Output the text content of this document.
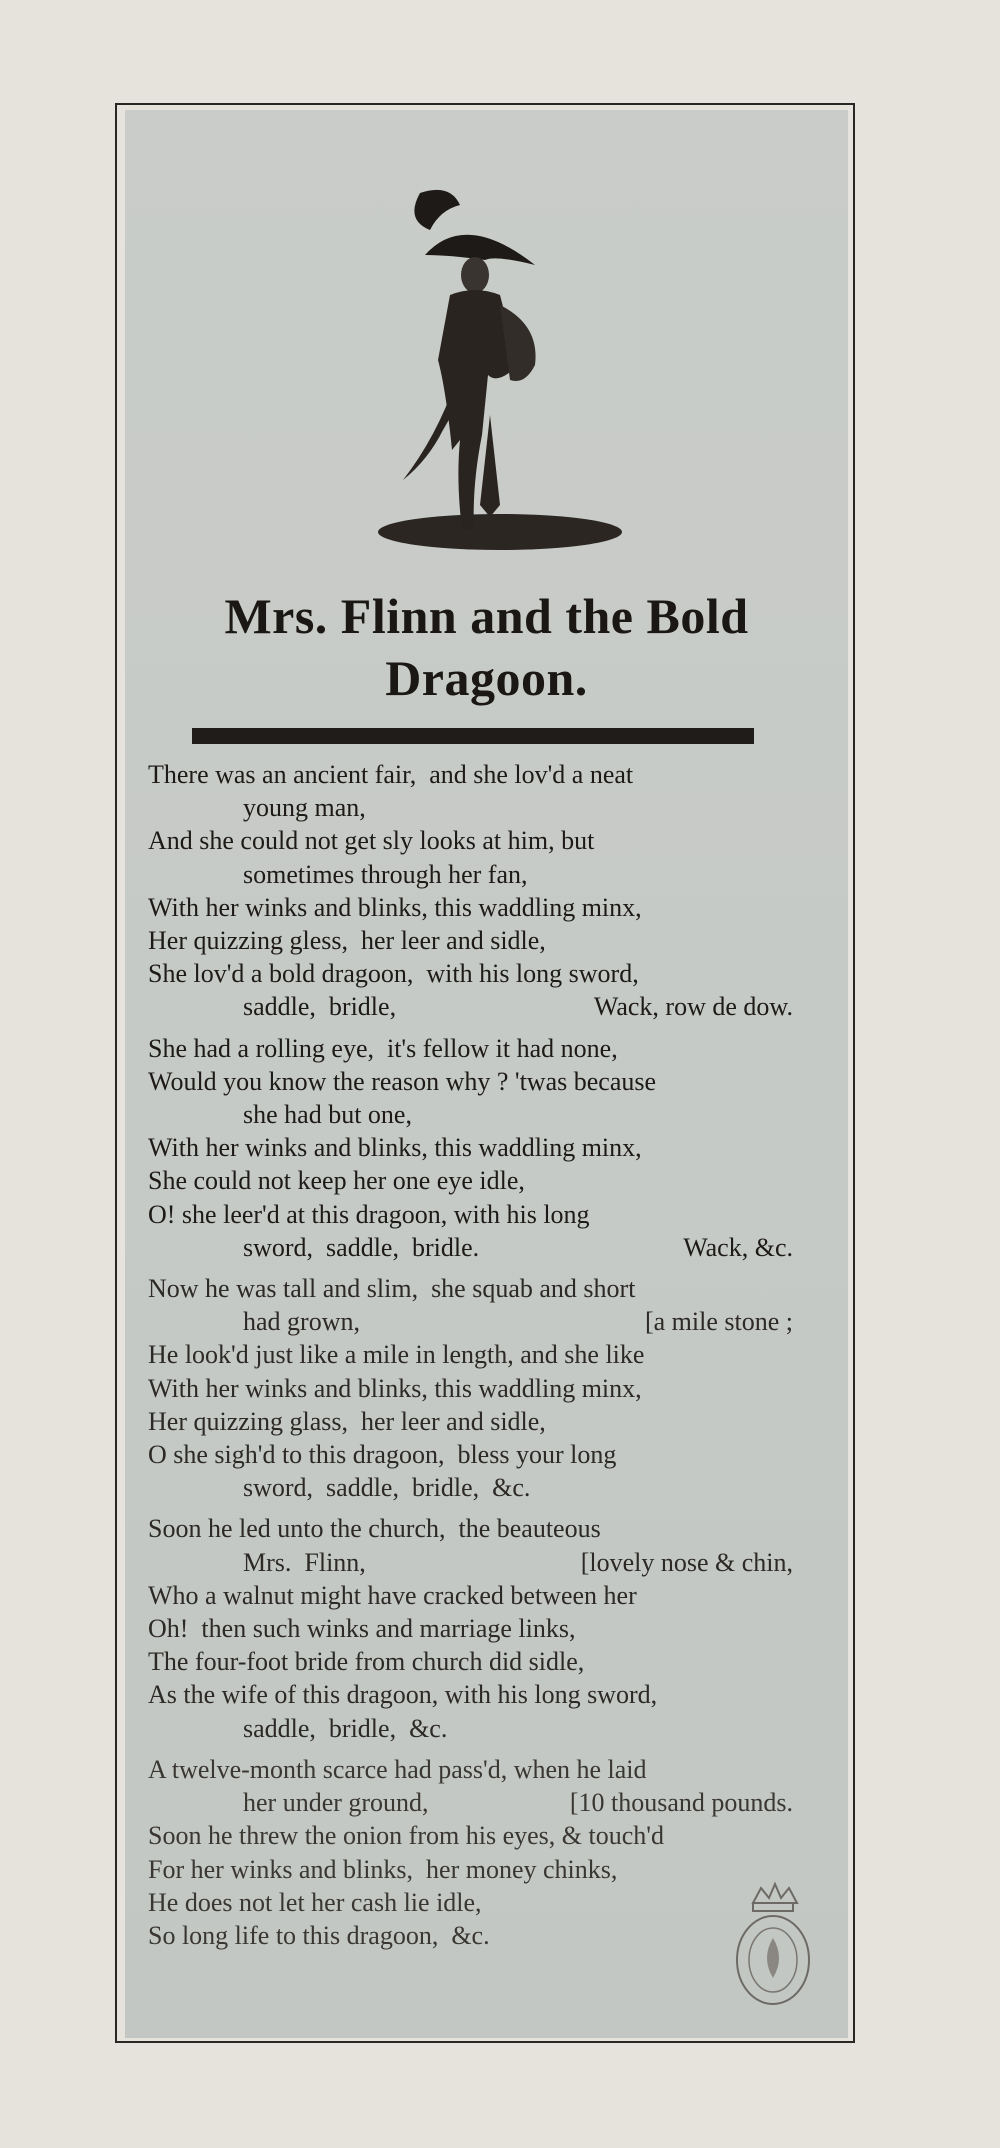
Mrs. Flinn and the Bold
Dragoon.
There was an ancient fair,  and she lov'd a neat
young man,
And she could not get sly looks at him, but
sometimes through her fan,
With her winks and blinks, this waddling minx,
Her quizzing gless,  her leer and sidle,
She lov'd a bold dragoon,  with his long sword,
saddle,  bridle,	Wack, row de dow.
She had a rolling eye,  it's fellow it had none,
Would you know the reason why ? 'twas because
she had but one,
With her winks and blinks, this waddling minx,
She could not keep her one eye idle,
O! she leer'd at this dragoon, with his long
sword,  saddle,  bridle.	Wack, &c.
Now he was tall and slim,  she squab and short
had grown,	[a mile stone ;
He look'd just like a mile in length, and she like
With her winks and blinks, this waddling minx,
Her quizzing glass,  her leer and sidle,
O she sigh'd to this dragoon,  bless your long
sword,  saddle,  bridle,  &c.
Soon he led unto the church,  the beauteous
Mrs.  Flinn,	[lovely nose & chin,
Who a walnut might have cracked between her
Oh!  then such winks and marriage links,
The four-foot bride from church did sidle,
As the wife of this dragoon, with his long sword,
saddle,  bridle,  &c.
A twelve-month scarce had pass'd, when he laid
her under ground,	[10 thousand pounds.
Soon he threw the onion from his eyes, & touch'd
For her winks and blinks,  her money chinks,
He does not let her cash lie idle,
So long life to this dragoon,  &c.
